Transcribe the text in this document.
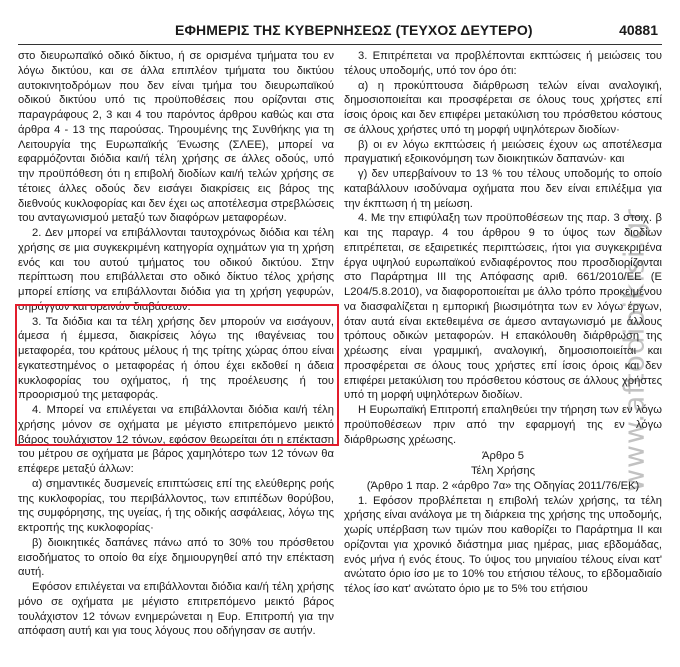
ΕΦΗΜΕΡΙΣ ΤΗΣ ΚΥΒΕΡΝΗΣΕΩΣ (ΤΕΥΧΟΣ ΔΕΥΤΕΡΟ)	40881

στο διευρωπαϊκό οδικό δίκτυο, ή σε ορισμένα τμήματα του εν λόγω δικτύου, και σε άλλα επιπλέον τμήματα του δικτύου αυτοκινητοδρόμων που δεν είναι τμήμα του διευρωπαϊκού οδικού δικτύου υπό τις προϋποθέσεις που ορίζονται στις παραγράφους 2, 3 και 4 του παρόντος άρθρου καθώς και στα άρθρα 4 - 13 της παρούσας. Τηρουμένης της Συνθήκης για τη Λειτουργία της Ευρωπαϊκής Ένωσης (ΣΛΕΕ), μπορεί να εφαρμόζονται διόδια και/ή τέλη χρήσης σε άλλες οδούς, υπό την προϋπόθεση ότι η επιβολή διοδίων και/ή τελών χρήσης σε τέτοιες άλλες οδούς δεν εισάγει διακρίσεις εις βάρος της διεθνούς κυκλοφορίας και δεν έχει ως αποτέλεσμα στρεβλώσεις του ανταγωνισμού μεταξύ των διαφόρων μεταφορέων.

2. Δεν μπορεί να επιβάλλονται ταυτοχρόνως διόδια και τέλη χρήσης σε μια συγκεκριμένη κατηγορία οχημάτων για τη χρήση ενός και του αυτού τμήματος του οδικού δικτύου. Στην περίπτωση που επιβάλλεται στο οδικό δίκτυο τέλος χρήσης μπορεί επίσης να επιβάλλονται διόδια για τη χρήση γεφυρών, σηράγγων και ορεινών διαβάσεων.

3. Τα διόδια και τα τέλη χρήσης δεν μπορούν να εισάγουν, άμεσα ή έμμεσα, διακρίσεις λόγω της ιθαγένειας του μεταφορέα, του κράτους μέλους ή της τρίτης χώρας όπου είναι εγκατεστημένος ο μεταφορέας ή όπου έχει εκδοθεί η άδεια κυκλοφορίας του οχήματος, ή της προέλευσης ή του προορισμού της μεταφοράς.

4. Μπορεί να επιλέγεται να επιβάλλονται διόδια και/ή τέλη χρήσης μόνον σε οχήματα με μέγιστο επιτρεπόμενο μεικτό βάρος τουλάχιστον 12 τόνων, εφόσον θεωρείται ότι η επέκταση του μέτρου σε οχήματα με βάρος χαμηλότερο των 12 τόνων θα επέφερε μεταξύ άλλων:

α) σημαντικές δυσμενείς επιπτώσεις επί της ελεύθερης ροής της κυκλοφορίας, του περιβάλλοντος, των επιπέδων θορύβου, της συμφόρησης, της υγείας, ή της οδικής ασφάλειας, λόγω της εκτροπής της κυκλοφορίας·

β) διοικητικές δαπάνες πάνω από το 30% του πρόσθετου εισοδήματος το οποίο θα είχε δημιουργηθεί από την επέκταση αυτή.

Εφόσον επιλέγεται να επιβάλλονται διόδια και/ή τέλη χρήσης μόνο σε οχήματα με μέγιστο επιτρεπόμενο μεικτό βάρος τουλάχιστον 12 τόνων ενημερώνεται η Ευρ. Επιτροπή για την απόφαση αυτή και για τους λόγους που οδήγησαν σε αυτήν.

3. Επιτρέπεται να προβλέπονται εκπτώσεις ή μειώσεις του τέλους υποδομής, υπό τον όρο ότι:

α) η προκύπτουσα διάρθρωση τελών είναι αναλογική, δημοσιοποιείται και προσφέρεται σε όλους τους χρήστες επί ίσοις όροις και δεν επιφέρει μετακύλιση του πρόσθετου κόστους σε άλλους χρήστες υπό τη μορφή υψηλότερων διοδίων·

β) οι εν λόγω εκπτώσεις ή μειώσεις έχουν ως αποτέλεσμα πραγματική εξοικονόμηση των διοικητικών δαπανών· και

γ) δεν υπερβαίνουν το 13 % του τέλους υποδομής το οποίο καταβάλλουν ισοδύναμα οχήματα που δεν είναι επιλέξιμα για την έκπτωση ή τη μείωση.

4. Με την επιφύλαξη των προϋποθέσεων της παρ. 3 στοιχ. β και της παραγρ. 4 του άρθρου 9 το ύψος των διοδίων επιτρέπεται, σε εξαιρετικές περιπτώσεις, ήτοι για συγκεκριμένα έργα υψηλού ευρωπαϊκού ενδιαφέροντος που προσδιορίζονται στο Παράρτημα ΙΙΙ της Απόφασης αριθ. 661/2010/ΕΕ (Ε L204/5.8.2010), να διαφοροποιείται με άλλο τρόπο προκειμένου να διασφαλίζεται η εμπορική βιωσιμότητα των εν λόγω έργων, όταν αυτά είναι εκτεθειμένα σε άμεσο ανταγωνισμό με άλλους τρόπους οδικών μεταφορών. Η επακόλουθη διάρθρωση της χρέωσης είναι γραμμική, αναλογική, δημοσιοποιείται και προσφέρεται σε όλους τους χρήστες επί ίσοις όροις και δεν επιφέρει μετακύλιση του πρόσθετου κόστους σε άλλους χρήστες υπό τη μορφή υψηλότερων διοδίων.

Η Ευρωπαϊκή Επιτροπή επαληθεύει την τήρηση των εν λόγω προϋποθέσεων πριν από την εφαρμογή της εν λόγω διάρθρωσης χρέωσης.

Άρθρο 5

Τέλη Χρήσης

(Άρθρο 1 παρ. 2 «άρθρο 7α» της Οδηγίας 2011/76/ΕΚ)

1. Εφόσον προβλέπεται η επιβολή τελών χρήσης, τα τέλη χρήσης είναι ανάλογα με τη διάρκεια της χρήσης της υποδομής, χωρίς υπέρβαση των τιμών που καθορίζει το Παράρτημα ΙΙ και ορίζονται για χρονικό διάστημα μιας ημέρας, μιας εβδομάδας, ενός μήνα ή ενός έτους. Το ύψος του μηνιαίου τέλους είναι κατ' ανώτατο όριο ίσο με το 10% του ετήσιου τέλους, το εβδομαδιαίο τέλος ίσο κατ' ανώτατο όριο με το 5% του ετήσιου

www.aftodioikisi.gr
